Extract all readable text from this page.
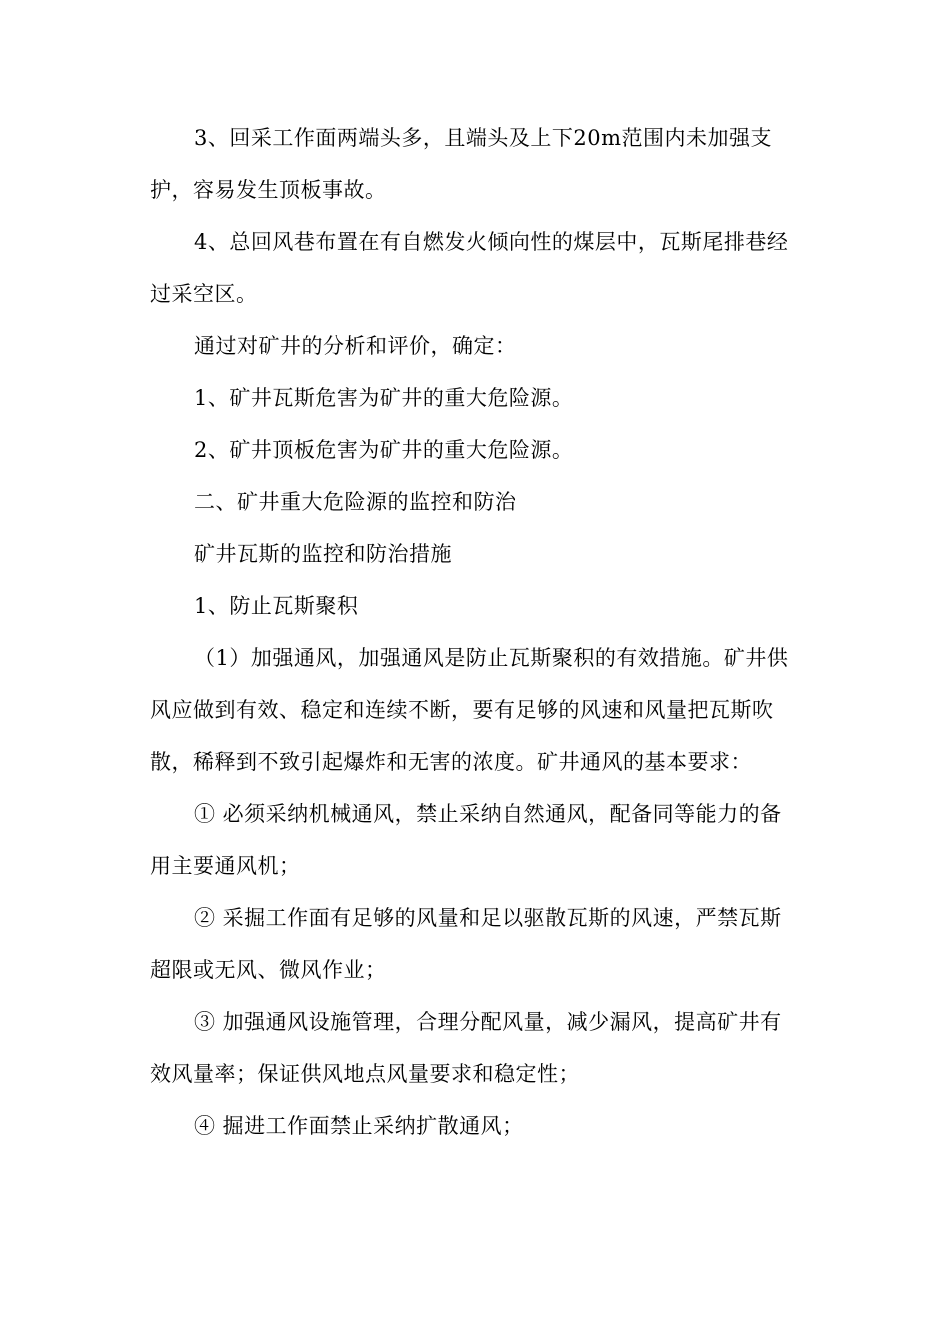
3、回采工作面两端头多，且端头及上下20m范围内未加强支护，容易发生顶板事故。

4、总回风巷布置在有自燃发火倾向性的煤层中，瓦斯尾排巷经过采空区。

通过对矿井的分析和评价，确定：

1、矿井瓦斯危害为矿井的重大危险源。

2、矿井顶板危害为矿井的重大危险源。

二、矿井重大危险源的监控和防治

矿井瓦斯的监控和防治措施

1、防止瓦斯聚积

（1）加强通风，加强通风是防止瓦斯聚积的有效措施。矿井供风应做到有效、稳定和连续不断，要有足够的风速和风量把瓦斯吹散，稀释到不致引起爆炸和无害的浓度。矿井通风的基本要求：

① 必须采纳机械通风，禁止采纳自然通风，配备同等能力的备用主要通风机；

② 采掘工作面有足够的风量和足以驱散瓦斯的风速，严禁瓦斯超限或无风、微风作业；

③ 加强通风设施管理，合理分配风量，减少漏风，提高矿井有效风量率；保证供风地点风量要求和稳定性；

④ 掘进工作面禁止采纳扩散通风；
